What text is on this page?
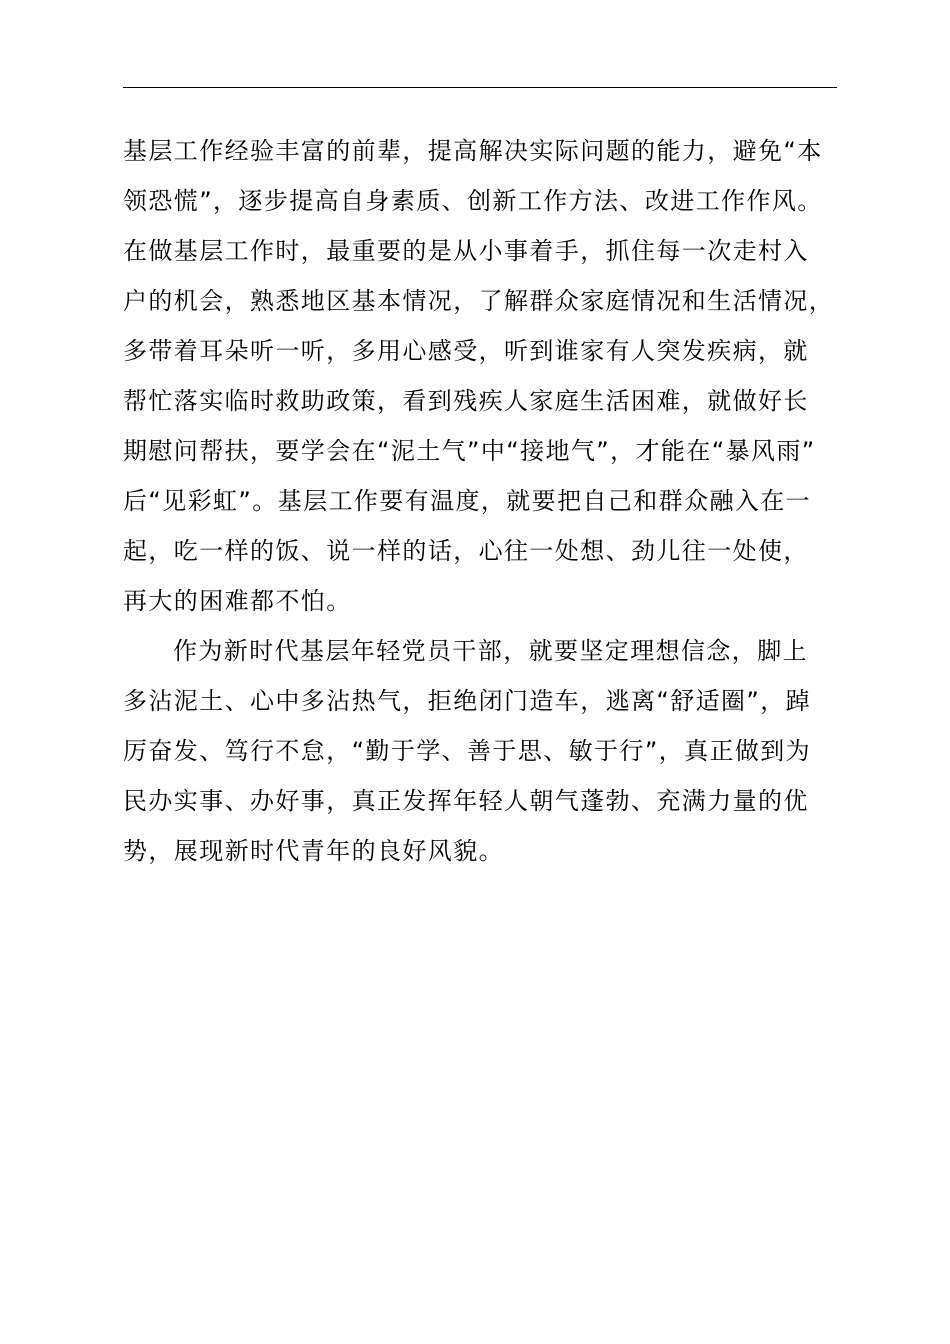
基层工作经验丰富的前辈，提高解决实际问题的能力，避免“本
领恐慌”，逐步提高自身素质、创新工作方法、改进工作作风。
在做基层工作时，最重要的是从小事着手，抓住每一次走村入
户的机会，熟悉地区基本情况，了解群众家庭情况和生活情况，
多带着耳朵听一听，多用心感受，听到谁家有人突发疾病，就
帮忙落实临时救助政策，看到残疾人家庭生活困难，就做好长
期慰问帮扶，要学会在“泥土气”中“接地气”，才能在“暴风雨”
后“见彩虹”。基层工作要有温度，就要把自己和群众融入在一
起，吃一样的饭、说一样的话，心往一处想、劲儿往一处使，
再大的困难都不怕。
作为新时代基层年轻党员干部，就要坚定理想信念，脚上
多沾泥土、心中多沾热气，拒绝闭门造车，逃离“舒适圈”，踔
厉奋发、笃行不怠，“勤于学、善于思、敏于行”，真正做到为
民办实事、办好事，真正发挥年轻人朝气蓬勃、充满力量的优
势，展现新时代青年的良好风貌。
